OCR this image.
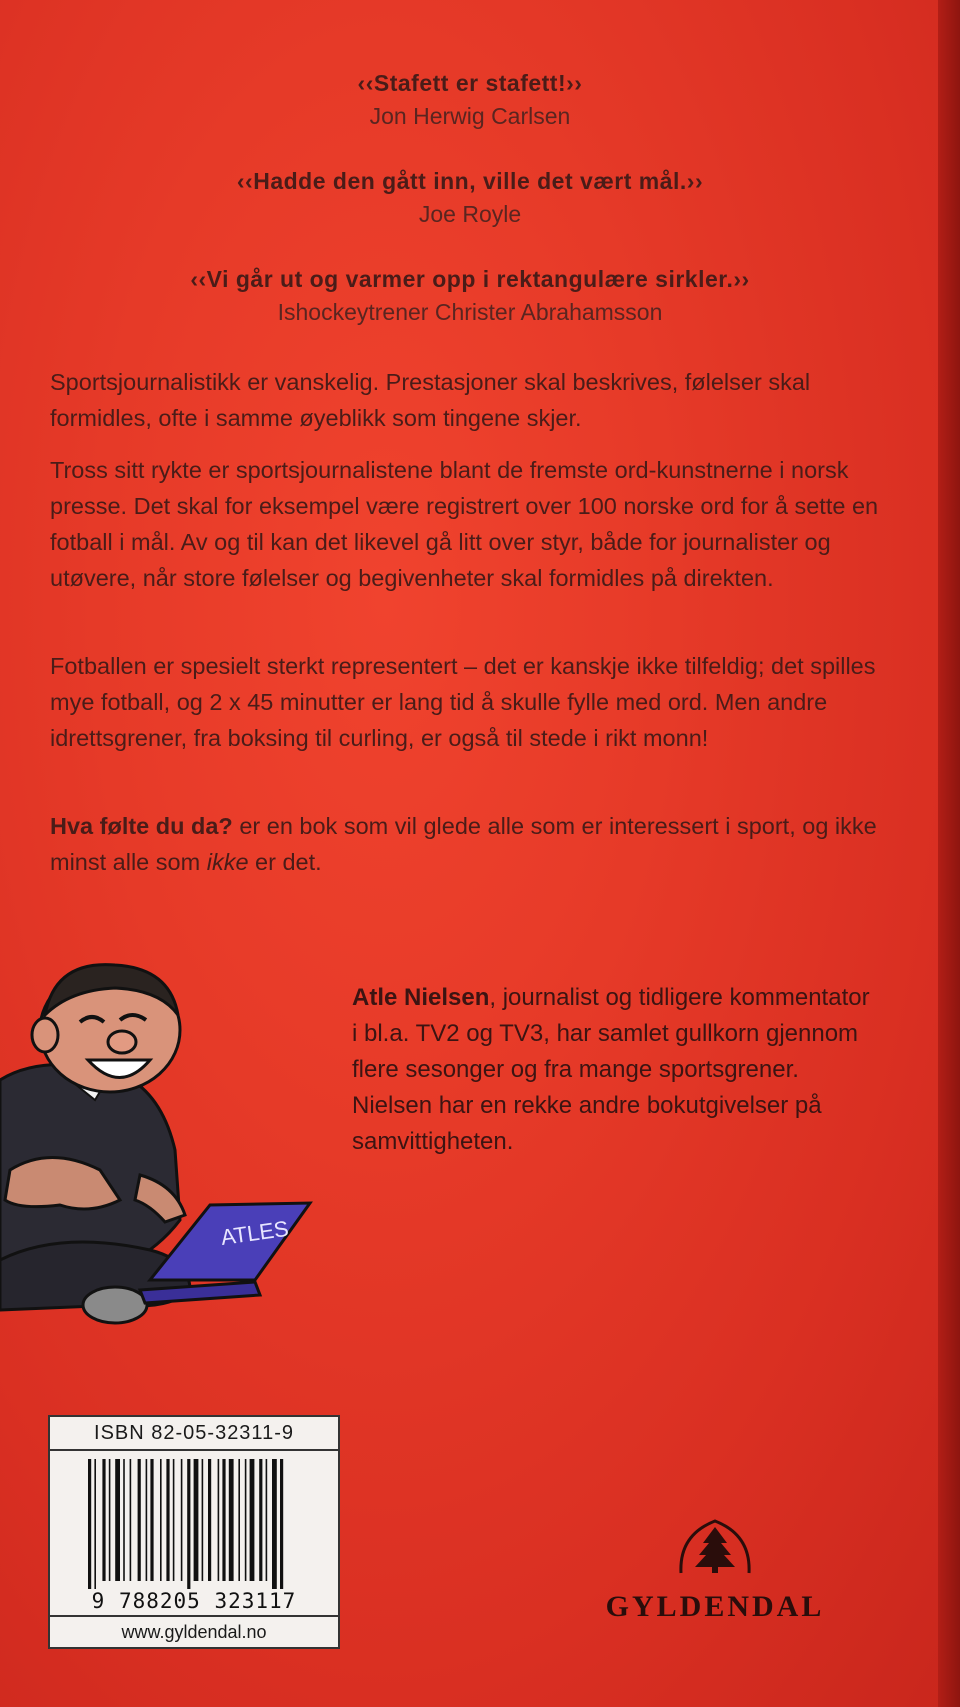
‹‹Stafett er stafett!››
Jon Herwig Carlsen
‹‹Hadde den gått inn, ville det vært mål.››
Joe Royle
‹‹Vi går ut og varmer opp i rektangulære sirkler.››
Ishockeytrener Christer Abrahamsson

Sportsjournalistikk er vanskelig. Prestasjoner skal beskrives, følelser skal formidles, ofte i samme øyeblikk som tingene skjer.

Tross sitt rykte er sportsjournalistene blant de fremste ord-kunstnerne i norsk presse. Det skal for eksempel være registrert over 100 norske ord for å sette en fotball i mål. Av og til kan det likevel gå litt over styr, både for journalister og utøvere, når store følelser og begivenheter skal formidles på direkten.

Fotballen er spesielt sterkt representert – det er kanskje ikke tilfeldig; det spilles mye fotball, og 2 x 45 minutter er lang tid å skulle fylle med ord. Men andre idrettsgrener, fra boksing til curling, er også til stede i rikt monn!

Hva følte du da? er en bok som vil glede alle som er interessert i sport, og ikke minst alle som ikke er det.

Atle Nielsen, journalist og tidligere kommentator i bl.a. TV2 og TV3, har samlet gullkorn gjennom flere sesonger og fra mange sportsgrener. Nielsen har en rekke andre bokutgivelser på samvittigheten.
ATLES
ISBN 82-05-32311-9
9 788205 323117
www.gyldendal.no
GYLDENDAL
